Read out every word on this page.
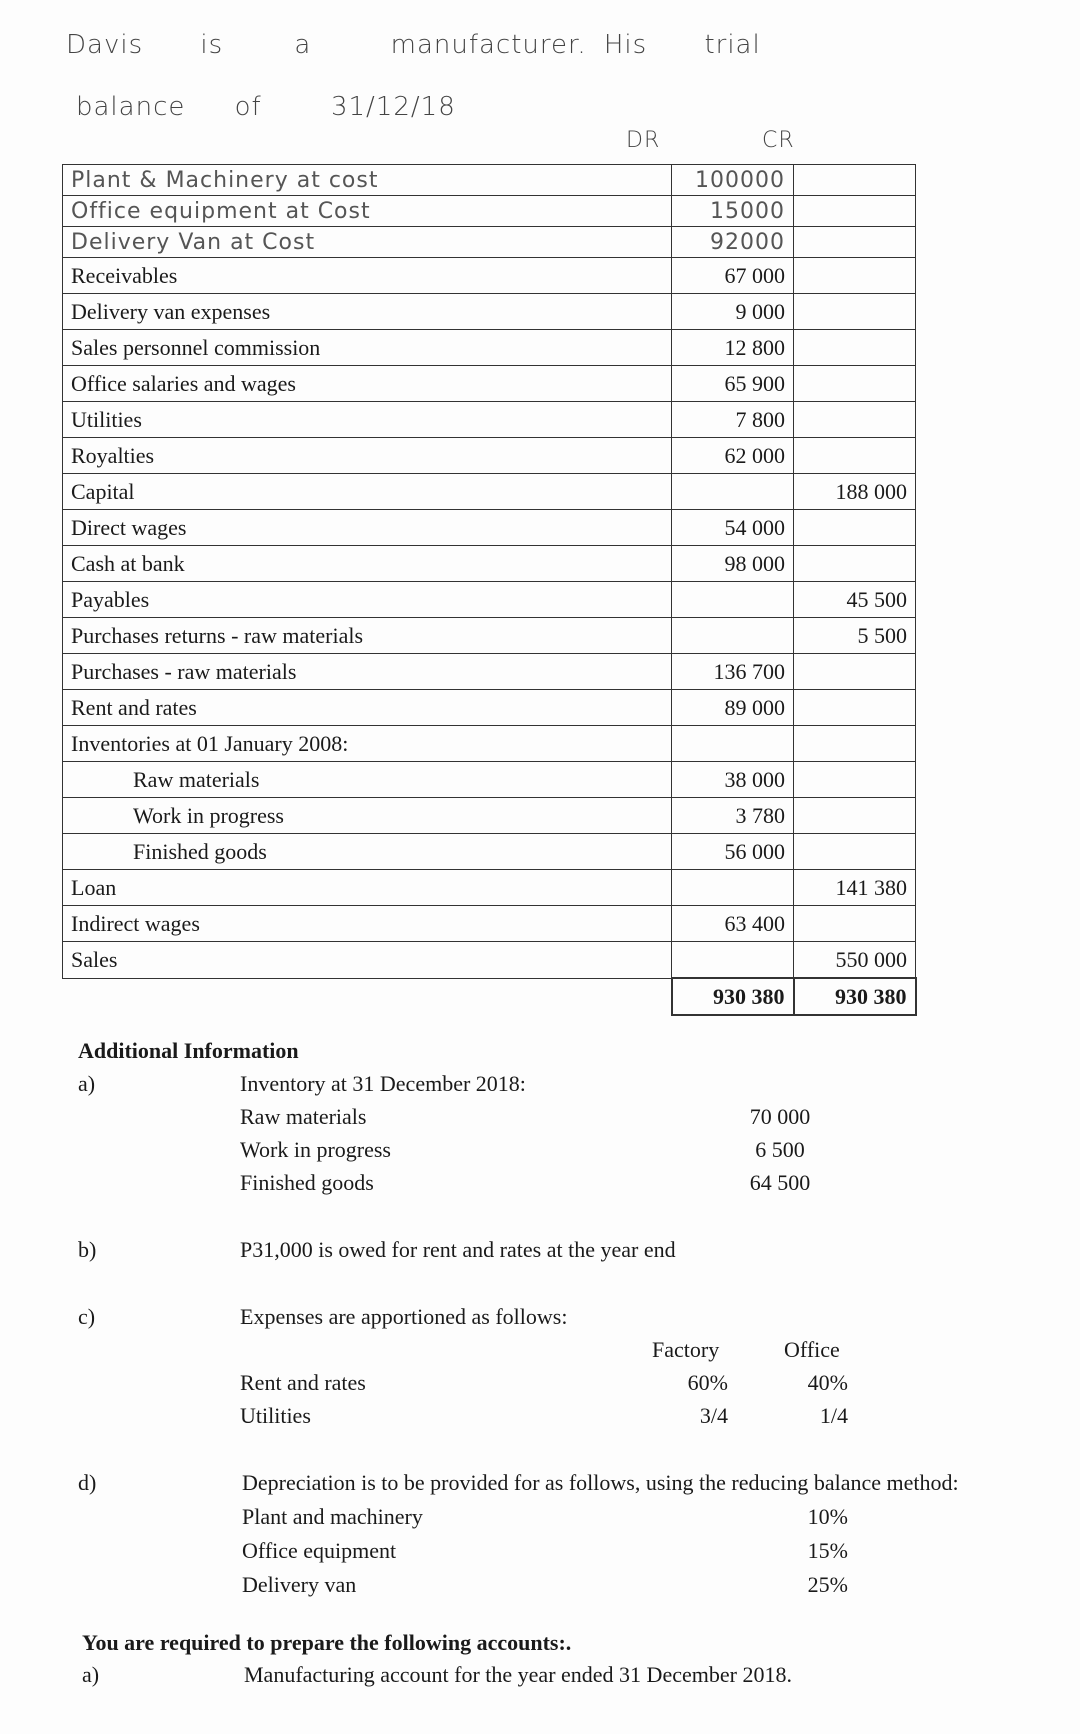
Davis is	a	manufacturer. His trial
balance of	31/12/18
DR	CR
Plant & Machinery at cost	100000	
Office equipment at Cost	15000	
Delivery Van at Cost	92000	
Receivables	67 000	
Delivery van expenses	9 000	
Sales personnel commission	12 800	
Office salaries and wages	65 900	
Utilities	7 800	
Royalties	62 000	
Capital		188 000
Direct wages	54 000	
Cash at bank	98 000	
Payables		45 500
Purchases returns - raw materials		5 500
Purchases - raw materials	136 700	
Rent and rates	89 000	
Inventories at 01 January 2008:		
Raw materials	38 000	
Work in progress	3 780	
Finished goods	56 000	
Loan		141 380
Indirect wages	63 400	
Sales		550 000
	930 380	930 380
Additional Information
a)	Inventory at 31 December 2018:
Raw materials	70 000
Work in progress	6 500
Finished goods	64 500
b)	P31,000 is owed for rent and rates at the year end
c)	Expenses are apportioned as follows:
Factory	Office
Rent and rates	60%	40%
Utilities	3/4	1/4
d)	Depreciation is to be provided for as follows, using the reducing balance method:
Plant and machinery	10%
Office equipment	15%
Delivery van	25%
You are required to prepare the following accounts:.
a)	Manufacturing account for the year ended 31 December 2018.
